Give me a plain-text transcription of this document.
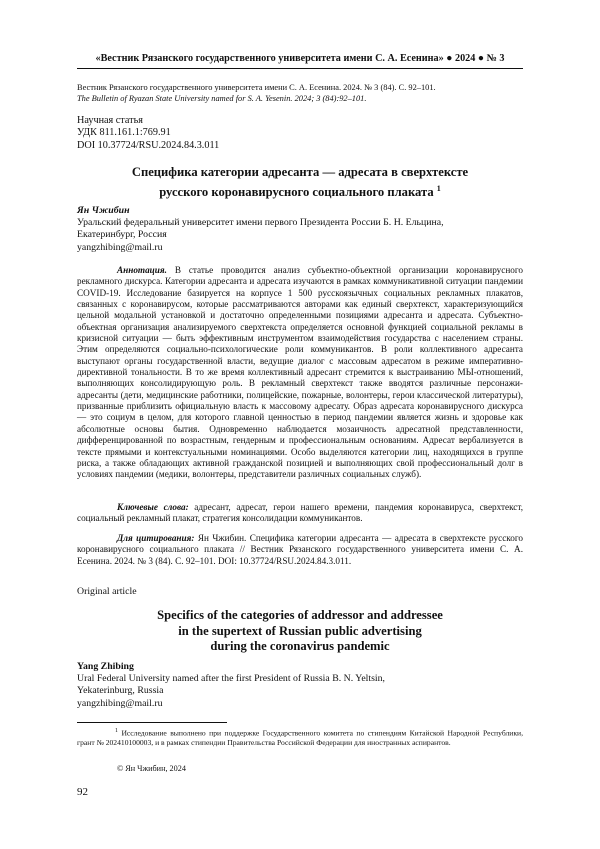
«Вестник Рязанского государственного университета имени С. А. Есенина» ● 2024 ● № 3
Вестник Рязанского государственного университета имени С. А. Есенина. 2024. № 3 (84). С. 92–101.
The Bulletin of Ryazan State University named for S. A. Yesenin. 2024; 3 (84):92–101.
Научная статья
УДК 811.161.1:769.91
DOI 10.37724/RSU.2024.84.3.011
Специфика категории адресанта — адресата в сверхтексте
русского коронавирусного социального плаката $^1$
Ян Чжибин
Уральский федеральный университет имени первого Президента России Б. Н. Ельцина,
Екатеринбург, Россия
yangzhibing@mail.ru
Аннотация. В статье проводится анализ субъектно-объектной организации коронавирусного рекламного дискурса. Категории адресанта и адресата изучаются в рамках коммуникативной ситуации пандемии COVID-19. Исследование базируется на корпусе 1 500 русскоязычных социальных рекламных плакатов, связанных с коронавирусом, которые рассматриваются авторами как единый сверхтекст, характеризующийся цельной модальной установкой и достаточно определенными позициями адресанта и адресата. Субъектно-объектная организация анализируемого сверхтекста определяется основной функцией социальной рекламы в кризисной ситуации — быть эффективным инструментом взаимодействия государства с населением страны. Этим определяются социально-психологические роли коммуникантов. В роли коллективного адресанта выступают органы государственной власти, ведущие диалог с массовым адресатом в режиме императивно-директивной тональности. В то же время коллективный адресант стремится к выстраиванию МЫ-отношений, выполняющих консолидирующую роль. В рекламный сверхтекст также вводятся различные персонажи-адресанты (дети, медицинские работники, полицейские, пожарные, волонтеры, герои классической литературы), призванные приблизить официальную власть к массовому адресату. Образ адресата коронавирусного дискурса — это социум в целом, для которого главной ценностью в период пандемии является жизнь и здоровье как абсолютные основы бытия. Одновременно наблюдается мозаичность адресатной представленности, дифференцированной по возрастным, гендерным и профессиональным основаниям. Адресат вербализуется в тексте прямыми и контекстуальными номинациями. Особо выделяются категории лиц, находящихся в группе риска, а также обладающих активной гражданской позицией и выполняющих свой профессиональный долг в условиях пандемии (медики, волонтеры, представители различных социальных служб).
Ключевые слова: адресант, адресат, герои нашего времени, пандемия коронавируса, сверхтекст, социальный рекламный плакат, стратегия консолидации коммуникантов.
Для цитирования: Ян Чжибин. Специфика категории адресанта — адресата в сверхтексте русского коронавирусного социального плаката // Вестник Рязанского государственного университета имени С. А. Есенина. 2024. № 3 (84). С. 92–101. DOI: 10.37724/RSU.2024.84.3.011.
Original article
Specifics of the categories of addressor and addressee
in the supertext of Russian public advertising
during the coronavirus pandemic
Yang Zhibing
Ural Federal University named after the first President of Russia B. N. Yeltsin,
Yekaterinburg, Russia
yangzhibing@mail.ru
$^1$ Исследование выполнено при поддержке Государственного комитета по стипендиям Китайской Народной Республики, грант № 202410100003, и в рамках стипендии Правительства Российской Федерации для иностранных аспирантов.
© Ян Чжибин, 2024
92
